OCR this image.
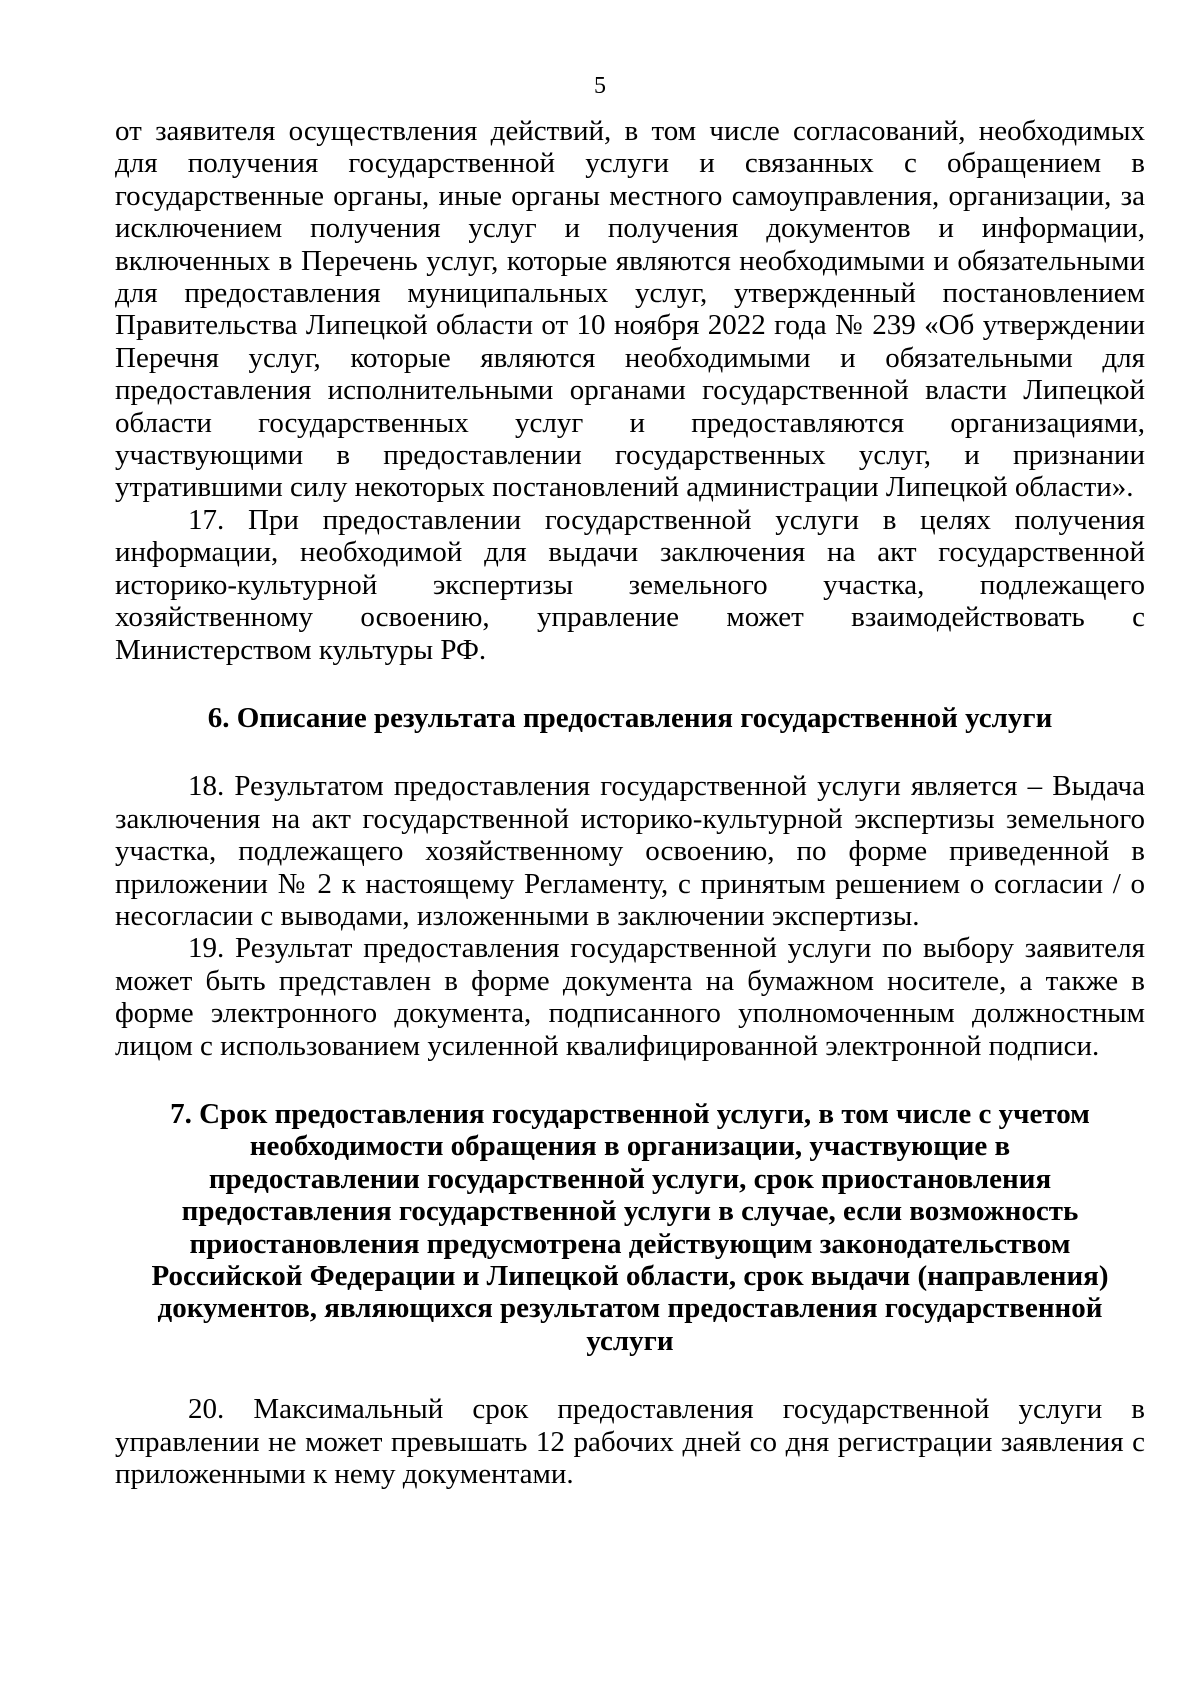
5

от заявителя осуществления действий, в том числе согласований, необходимых для получения государственной услуги и связанных с обращением в государственные органы, иные органы местного самоуправления, организации, за исключением получения услуг и получения документов и информации, включенных в Перечень услуг, которые являются необходимыми и обязательными для предоставления муниципальных услуг, утвержденный постановлением Правительства Липецкой области от 10 ноября 2022 года № 239 «Об утверждении Перечня услуг, которые являются необходимыми и обязательными для предоставления исполнительными органами государственной власти Липецкой области государственных услуг и предоставляются организациями, участвующими в предоставлении государственных услуг, и признании утратившими силу некоторых постановлений администрации Липецкой области».

17. При предоставлении государственной услуги в целях получения информации, необходимой для выдачи заключения на акт государственной историко-культурной экспертизы земельного участка, подлежащего хозяйственному освоению, управление может взаимодействовать с Министерством культуры РФ.

6. Описание результата предоставления государственной услуги

18. Результатом предоставления государственной услуги является – Выдача заключения на акт государственной историко-культурной экспертизы земельного участка, подлежащего хозяйственному освоению, по форме приведенной в приложении № 2 к настоящему Регламенту, с принятым решением о согласии / о несогласии с выводами, изложенными в заключении экспертизы.

19. Результат предоставления государственной услуги по выбору заявителя может быть представлен в форме документа на бумажном носителе, а также в форме электронного документа, подписанного уполномоченным должностным лицом с использованием усиленной квалифицированной электронной подписи.

7. Срок предоставления государственной услуги, в том числе с учетом необходимости обращения в организации, участвующие в предоставлении государственной услуги, срок приостановления предоставления государственной услуги в случае, если возможность приостановления предусмотрена действующим законодательством Российской Федерации и Липецкой области, срок выдачи (направления) документов, являющихся результатом предоставления государственной услуги

20. Максимальный срок предоставления государственной услуги в управлении не может превышать 12 рабочих дней со дня регистрации заявления с приложенными к нему документами.
